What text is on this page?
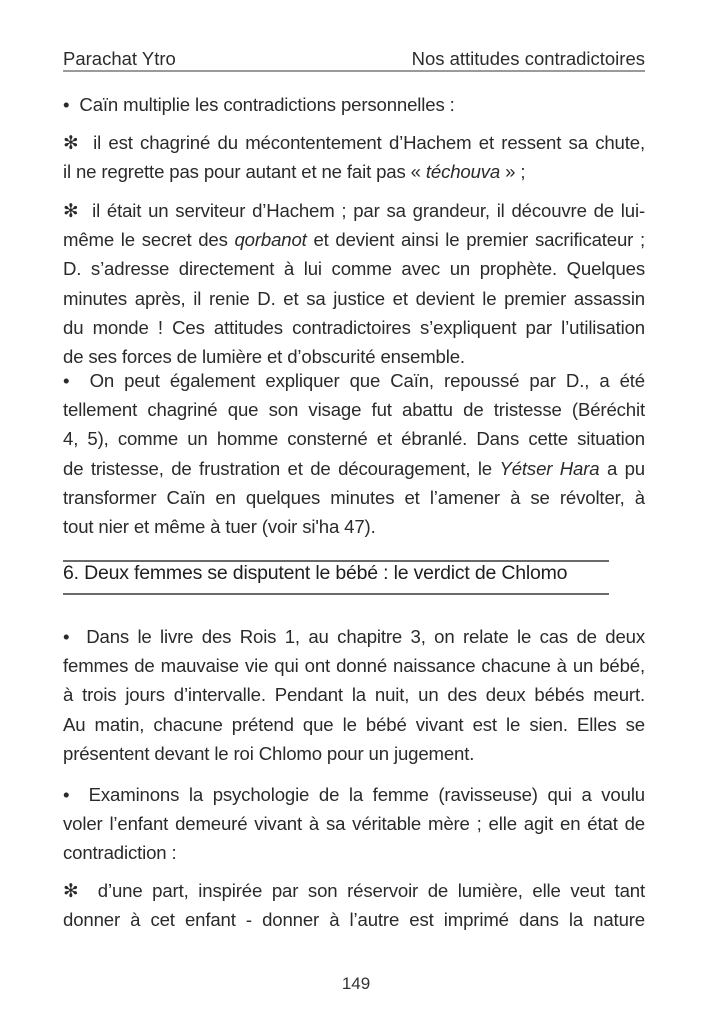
Parachat Ytro	Nos attitudes contradictoires
• Caïn multiplie les contradictions personnelles :
✻ il est chagriné du mécontentement d’Hachem et ressent sa chute,
il ne regrette pas pour autant et ne fait pas « téchouva » ;
✻ il était un serviteur d’Hachem ; par sa grandeur, il découvre de lui-
même le secret des qorbanot et devient ainsi le premier sacrificateur ;
D. s’adresse directement à lui comme avec un prophète. Quelques
minutes après, il renie D. et sa justice et devient le premier assassin
du monde ! Ces attitudes contradictoires s’expliquent par l’utilisation
de ses forces de lumière et d’obscurité ensemble.
• On peut également expliquer que Caïn, repoussé par D., a été
tellement chagriné que son visage fut abattu de tristesse (Béréchit
4, 5), comme un homme consterné et ébranlé. Dans cette situation
de tristesse, de frustration et de découragement, le Yétser Hara a pu
transformer Caïn en quelques minutes et l’amener à se révolter, à
tout nier et même à tuer (voir si'ha 47).
6. Deux femmes se disputent le bébé : le verdict de Chlomo
• Dans le livre des Rois 1, au chapitre 3, on relate le cas de deux
femmes de mauvaise vie qui ont donné naissance chacune à un bébé,
à trois jours d’intervalle. Pendant la nuit, un des deux bébés meurt.
Au matin, chacune prétend que le bébé vivant est le sien. Elles se
présentent devant le roi Chlomo pour un jugement.
• Examinons la psychologie de la femme (ravisseuse) qui a voulu
voler l’enfant demeuré vivant à sa véritable mère ; elle agit en état de
contradiction :
✻ d’une part, inspirée par son réservoir de lumière, elle veut tant
donner à cet enfant - donner à l’autre est imprimé dans la nature
149
